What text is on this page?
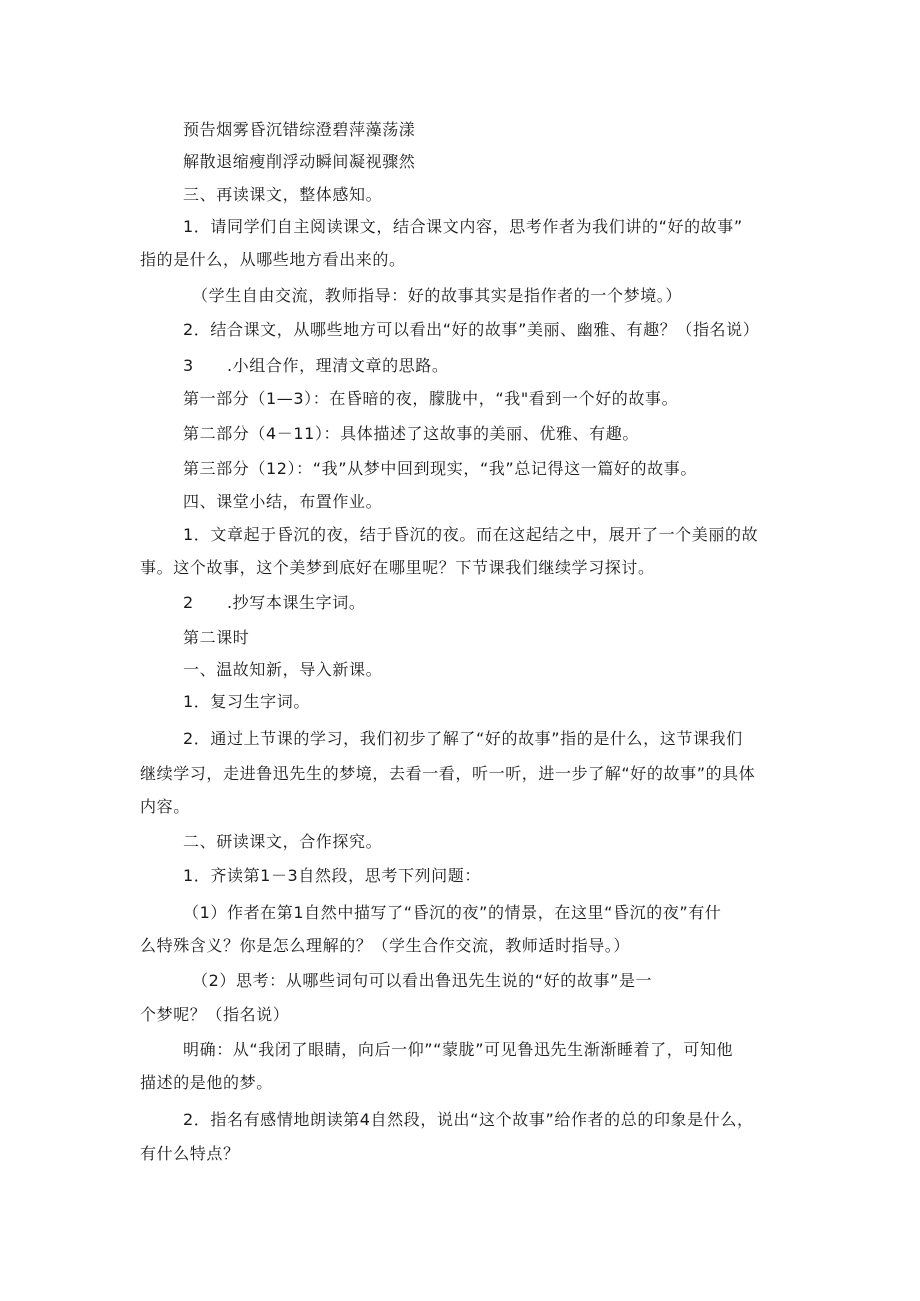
预告烟雾昏沉错综澄碧萍藻荡漾
解散退缩瘦削浮动瞬间凝视骤然
三、再读课文，整体感知。
1．请同学们自主阅读课文，结合课文内容，思考作者为我们讲的“好的故事”
指的是什么，从哪些地方看出来的。
（学生自由交流，教师指导：好的故事其实是指作者的一个梦境。）
2．结合课文，从哪些地方可以看出“好的故事”美丽、幽雅、有趣？（指名说）
3　　.小组合作，理清文章的思路。
第一部分（1—3）：在昏暗的夜，朦胧中，“我"看到一个好的故事。
第二部分（4－11）：具体描述了这故事的美丽、优雅、有趣。
第三部分（12）：“我”从梦中回到现实，“我”总记得这一篇好的故事。
四、课堂小结，布置作业。
1．文章起于昏沉的夜，结于昏沉的夜。而在这起结之中，展开了一个美丽的故
事。这个故事，这个美梦到底好在哪里呢？下节课我们继续学习探讨。
2　　.抄写本课生字词。
第二课时
一、温故知新，导入新课。
1．复习生字词。
2．通过上节课的学习，我们初步了解了“好的故事”指的是什么，这节课我们
继续学习，走进鲁迅先生的梦境，去看一看，听一听，进一步了解“好的故事”的具体
内容。
二、研读课文，合作探究。
1．齐读第1－3自然段，思考下列问题：
（1）作者在第1自然中描写了“昏沉的夜”的情景，在这里“昏沉的夜”有什
么特殊含义？你是怎么理解的？（学生合作交流，教师适时指导。）
（2）思考：从哪些词句可以看出鲁迅先生说的“好的故事”是一
个梦呢？（指名说）
明确：从“我闭了眼睛，向后一仰”“蒙胧”可见鲁迅先生渐渐睡着了，可知他
描述的是他的梦。
2．指名有感情地朗读第4自然段，说出“这个故事”给作者的总的印象是什么，
有什么特点？
